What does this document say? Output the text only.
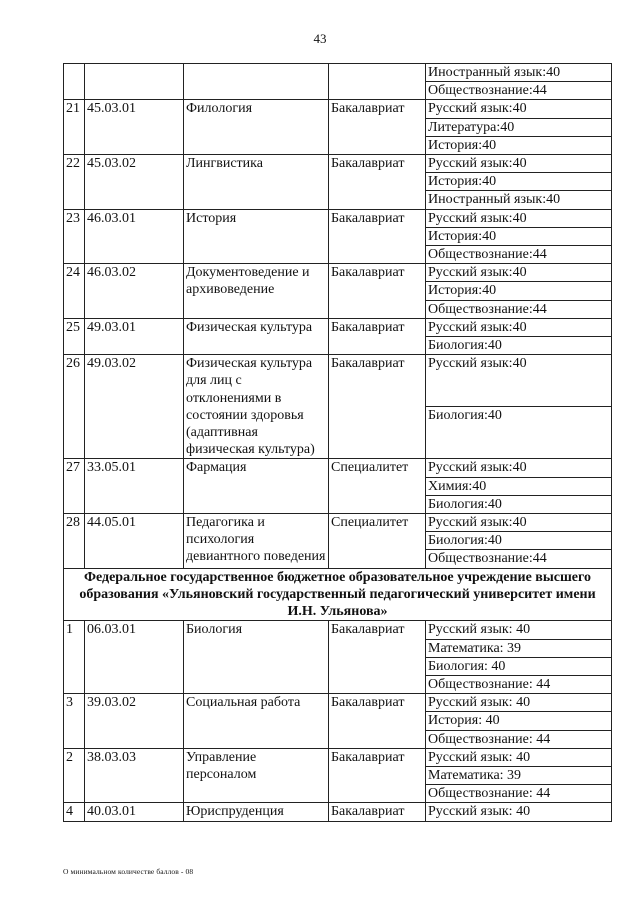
43
				Иностранный язык:40
				Обществознание:44
21	45.03.01	Филология	Бакалавриат	Русский язык:40
				Литература:40
				История:40
22	45.03.02	Лингвистика	Бакалавриат	Русский язык:40
				История:40
				Иностранный язык:40
23	46.03.01	История	Бакалавриат	Русский язык:40
				История:40
				Обществознание:44
24	46.03.02	Документоведение и архивоведение	Бакалавриат	Русский язык:40
				История:40
				Обществознание:44
25	49.03.01	Физическая культура	Бакалавриат	Русский язык:40
				Биология:40
26	49.03.02	Физическая культура для лиц с отклонениями в состоянии здоровья (адаптивная физическая культура)	Бакалавриат	Русский язык:40
				Биология:40
27	33.05.01	Фармация	Специалитет	Русский язык:40
				Химия:40
				Биология:40
28	44.05.01	Педагогика и психология девиантного поведения	Специалитет	Русский язык:40
				Биология:40
				Обществознание:44
Федеральное государственное бюджетное образовательное учреждение высшего образования «Ульяновский государственный педагогический университет имени И.Н. Ульянова»				
1	06.03.01	Биология	Бакалавриат	Русский язык: 40
				Математика: 39
				Биология: 40
				Обществознание: 44
3	39.03.02	Социальная работа	Бакалавриат	Русский язык: 40
				История: 40
				Обществознание: 44
2	38.03.03	Управление персоналом	Бакалавриат	Русский язык: 40
				Математика: 39
				Обществознание: 44
4	40.03.01	Юриспруденция	Бакалавриат	Русский язык: 40
О минимальном количестве баллов - 08
